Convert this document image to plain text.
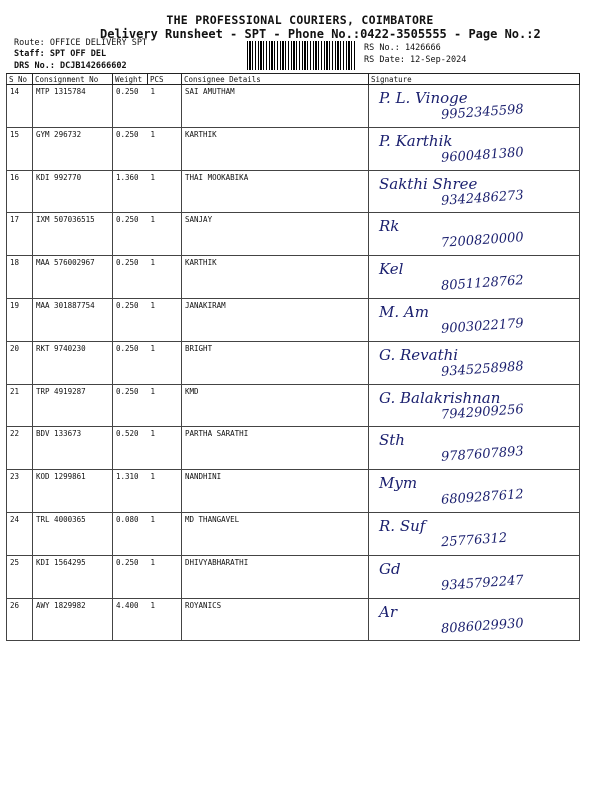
THE PROFESSIONAL COURIERS, COIMBATORE
Delivery Runsheet - SPT - Phone No.:0422-3505555 - Page No.:2
Route: OFFICE DELIVERY SPT
Staff: SPT OFF DEL
DRS No.: DCJB142666602
RS No.: 1426666
RS Date: 12-Sep-2024
S No	Consignment No	Weight	PCS	Consignee Details	Signature
14	MTP 1315784	0.250	1	SAI AMUTHAM	P. L. Vinoge
9952345598

15	GYM 296732	0.250	1	KARTHIK	P. Karthik
9600481380

16	KDI 992770	1.360	1	THAI MOOKABIKA	Sakthi Shree
9342486273

17	IXM 507036515	0.250	1	SANJAY	Rk
7200820000

18	MAA 576002967	0.250	1	KARTHIK	Kel
8051128762

19	MAA 301887754	0.250	1	JANAKIRAM	M. Am
9003022179

20	RKT 9740230	0.250	1	BRIGHT	G. Revathi
9345258988

21	TRP 4919287	0.250	1	KMD	G. Balakrishnan
7942909256

22	BDV 133673	0.520	1	PARTHA SARATHI	Sth
9787607893

23	KOD 1299861	1.310	1	NANDHINI	Mym
6809287612

24	TRL 4000365	0.080	1	MD THANGAVEL	R. Suf
25776312

25	KDI 1564295	0.250	1	DHIVYABHARATHI	Gd
9345792247

26	AWY 1829982	4.400	1	ROYANICS	Ar
8086029930
